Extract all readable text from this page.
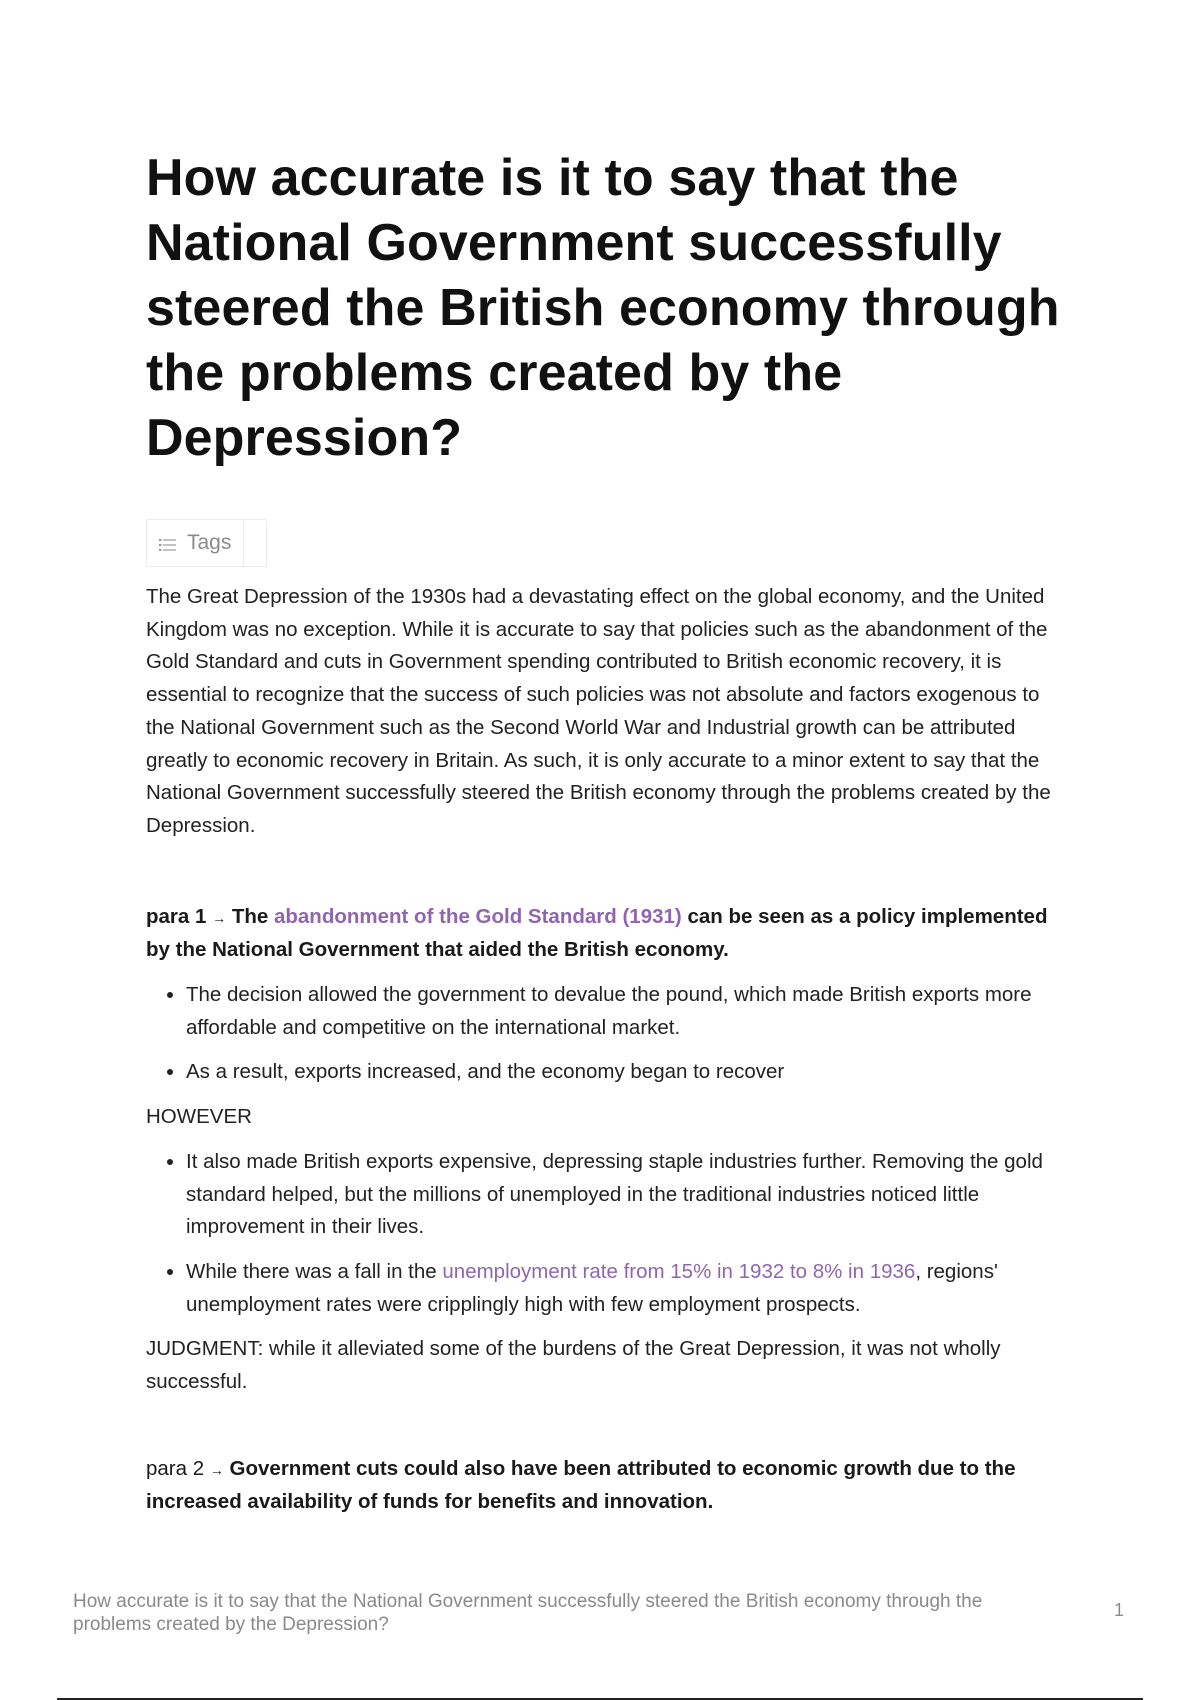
How accurate is it to say that the National Government successfully steered the British economy through the problems created by the Depression?
Tags

The Great Depression of the 1930s had a devastating effect on the global economy, and the United Kingdom was no exception. While it is accurate to say that policies such as the abandonment of the Gold Standard and cuts in Government spending contributed to British economic recovery, it is essential to recognize that the success of such policies was not absolute and factors exogenous to the National Government such as the Second World War and Industrial growth can be attributed greatly to economic recovery in Britain. As such, it is only accurate to a minor extent to say that the National Government successfully steered the British economy through the problems created by the Depression.

para 1 → The abandonment of the Gold Standard (1931) can be seen as a policy implemented by the National Government that aided the British economy.

• The decision allowed the government to devalue the pound, which made British exports more affordable and competitive on the international market.
• As a result, exports increased, and the economy began to recover

HOWEVER

• It also made British exports expensive, depressing staple industries further. Removing the gold standard helped, but the millions of unemployed in the traditional industries noticed little improvement in their lives.
• While there was a fall in the unemployment rate from 15% in 1932 to 8% in 1936, regions' unemployment rates were cripplingly high with few employment prospects.

JUDGMENT: while it alleviated some of the burdens of the Great Depression, it was not wholly successful.

para 2 → Government cuts could also have been attributed to economic growth due to the increased availability of funds for benefits and innovation.

How accurate is it to say that the National Government successfully steered the British economy through the problems created by the Depression?
1
